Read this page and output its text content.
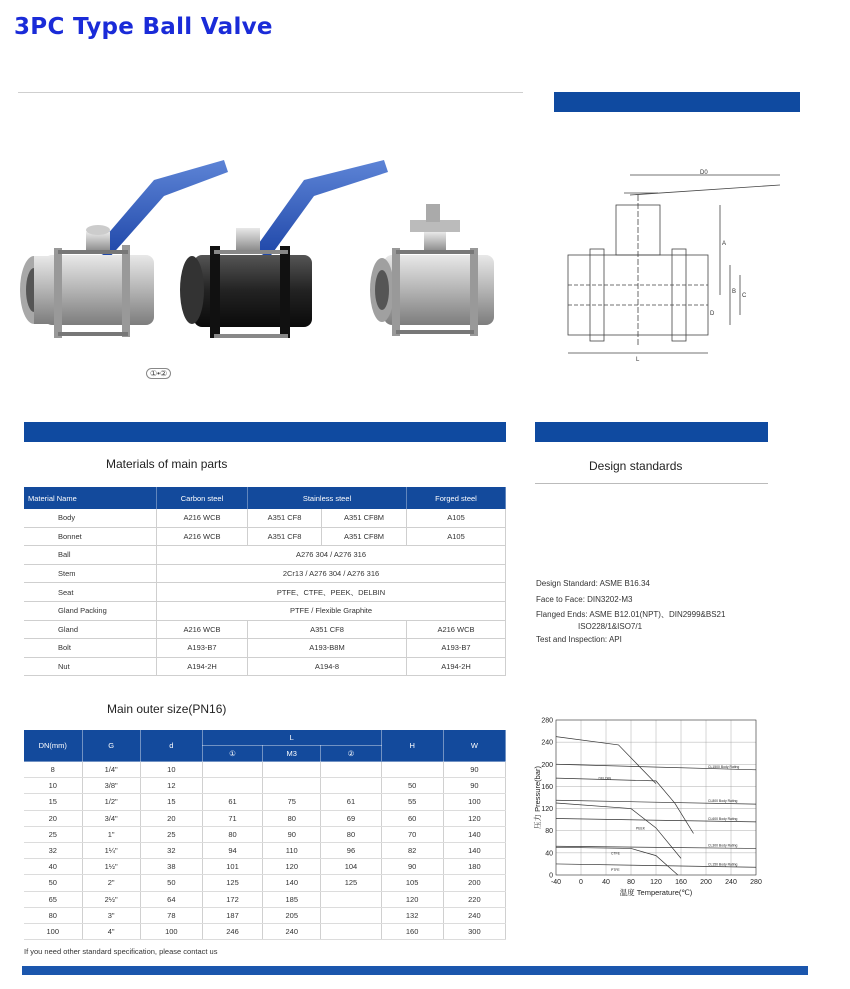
3PC Type Ball Valve
①•②
D0
A
B
C
D
L
Materials of main parts
Material Name	Carbon steel	Stainless steel		Forged steel
Body	A216 WCB	A351 CF8	A351 CF8M	A105
Bonnet	A216 WCB	A351 CF8	A351 CF8M	A105
Ball	A276 304 / A276 316			
Stem	2Cr13 / A276 304 / A276 316			
Seat	PTFE、CTFE、PEEK、DELBIN			
Gland Packing	PTFE / Flexible Graphite			
Gland	A216 WCB	A351 CF8		A216 WCB
Bolt	A193-B7	A193-B8M		A193-B7
Nut	A194-2H	A194-8		A194-2H
Design standards
Design Standard: ASME B16.34
Face to Face: DIN3202-M3
Flanged Ends: ASME B12.01(NPT)、DIN2999&BS21
ISO228/1&ISO7/1
Test and Inspection: API
Main outer size(PN16)
DN(mm)	G	d	L			H	W
			①	M3	②		
8	1/4"	10					90
10	3/8"	12				50	90
15	1/2"	15	61	75	61	55	100
20	3/4"	20	71	80	69	60	120
25	1"	25	80	90	80	70	140
32	1¼"	32	94	110	96	82	140
40	1½"	38	101	120	104	90	180
50	2"	50	125	140	125	105	200
65	2½"	64	172	185		120	220
80	3"	78	187	205		132	240
100	4"	100	246	240		160	300
If you need other standard specification, please contact us
0
40
80
120
160
200
240
280
-40	0	40 80 120 160 200 240 280
DELDIN
PEEK
CTFE
PTFE
CL1500 Body Rating
CL800 Body Rating
CL600 Body Rating
CL300 Body Rating
CL150 Body Rating
温度 Temperature(℃)
压力 Pressure(bar)
